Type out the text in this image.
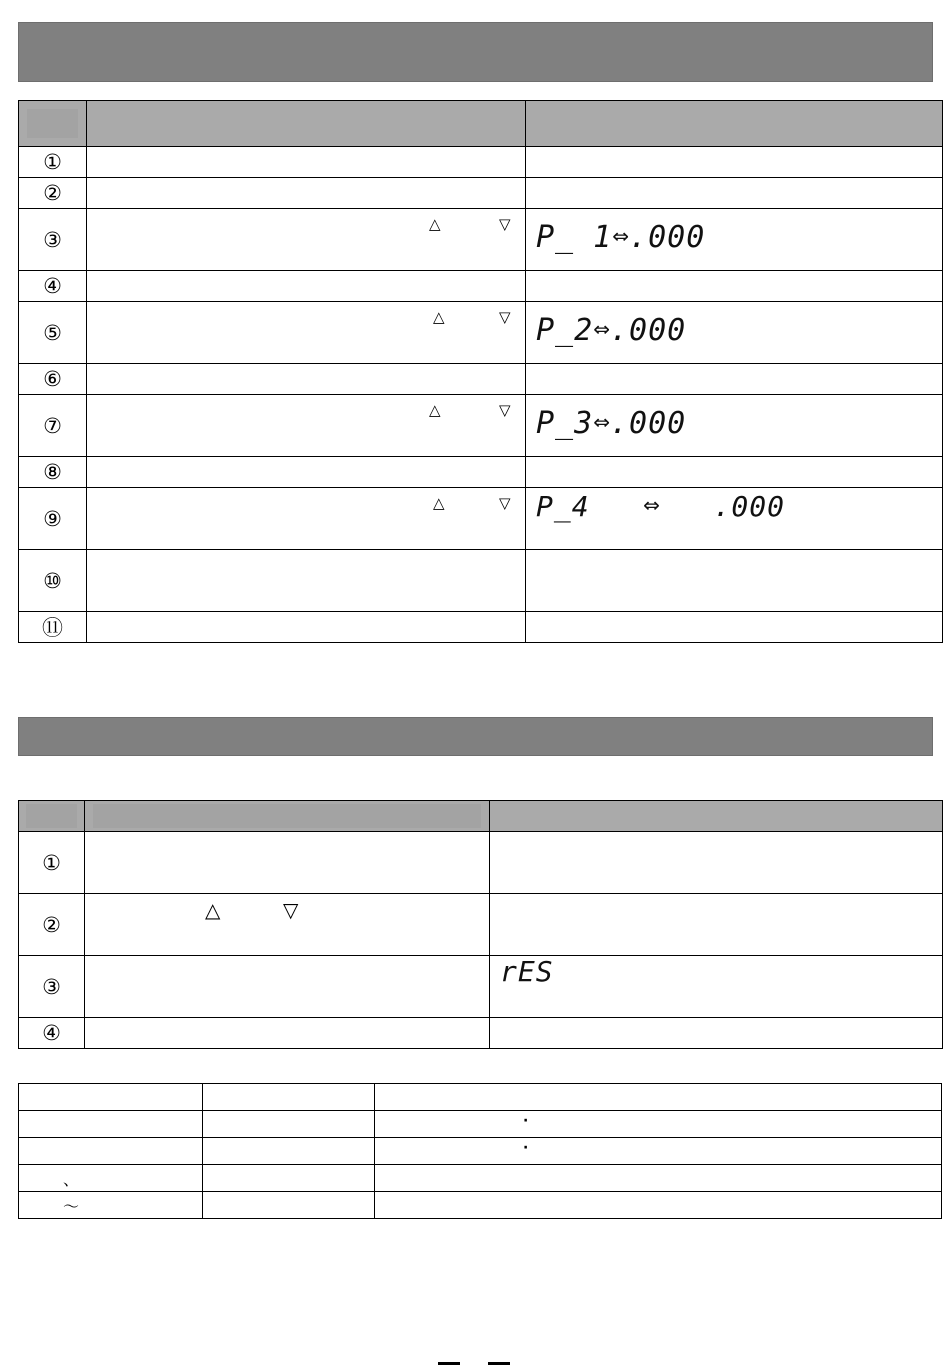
①		
②		
③	△ ▽	P_ 1⇔.000

④		
⑤	△ ▽	P_2⇔.000

⑥		
⑦	△ ▽	P_3⇔.000

⑧		
⑨	△ ▽	P_4 ⇔ .000

⑩		
⑪		

①		
②	△ ▽	

③		rES

④		

		·

		·

、		

～		
